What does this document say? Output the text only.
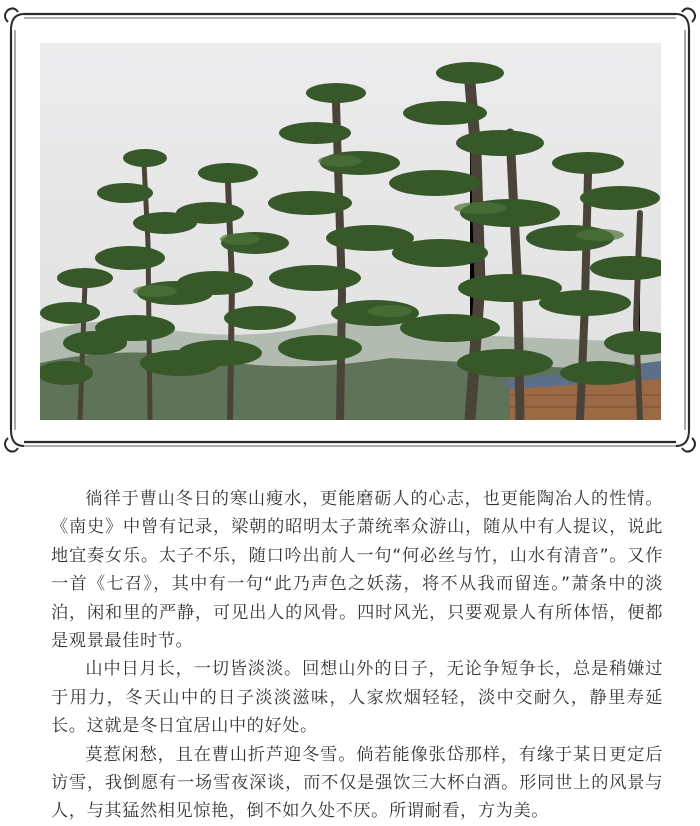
徜徉于曹山冬日的寒山瘦水，更能磨砺人的心志，也更能陶冶人的性情。《南史》中曾有记录，梁朝的昭明太子萧统率众游山，随从中有人提议，说此地宜奏女乐。太子不乐，随口吟出前人一句“何必丝与竹，山水有清音”。又作一首《七召》，其中有一句“此乃声色之妖荡，将不从我而留连。”萧条中的淡泊，闲和里的严静，可见出人的风骨。四时风光，只要观景人有所体悟，便都是观景最佳时节。

山中日月长，一切皆淡淡。回想山外的日子，无论争短争长，总是稍嫌过于用力，冬天山中的日子淡淡滋味，人家炊烟轻轻，淡中交耐久，静里寿延长。这就是冬日宜居山中的好处。

莫惹闲愁，且在曹山折芦迎冬雪。倘若能像张岱那样，有缘于某日更定后访雪，我倒愿有一场雪夜深谈，而不仅是强饮三大杯白酒。形同世上的风景与人，与其猛然相见惊艳，倒不如久处不厌。所谓耐看，方为美。
